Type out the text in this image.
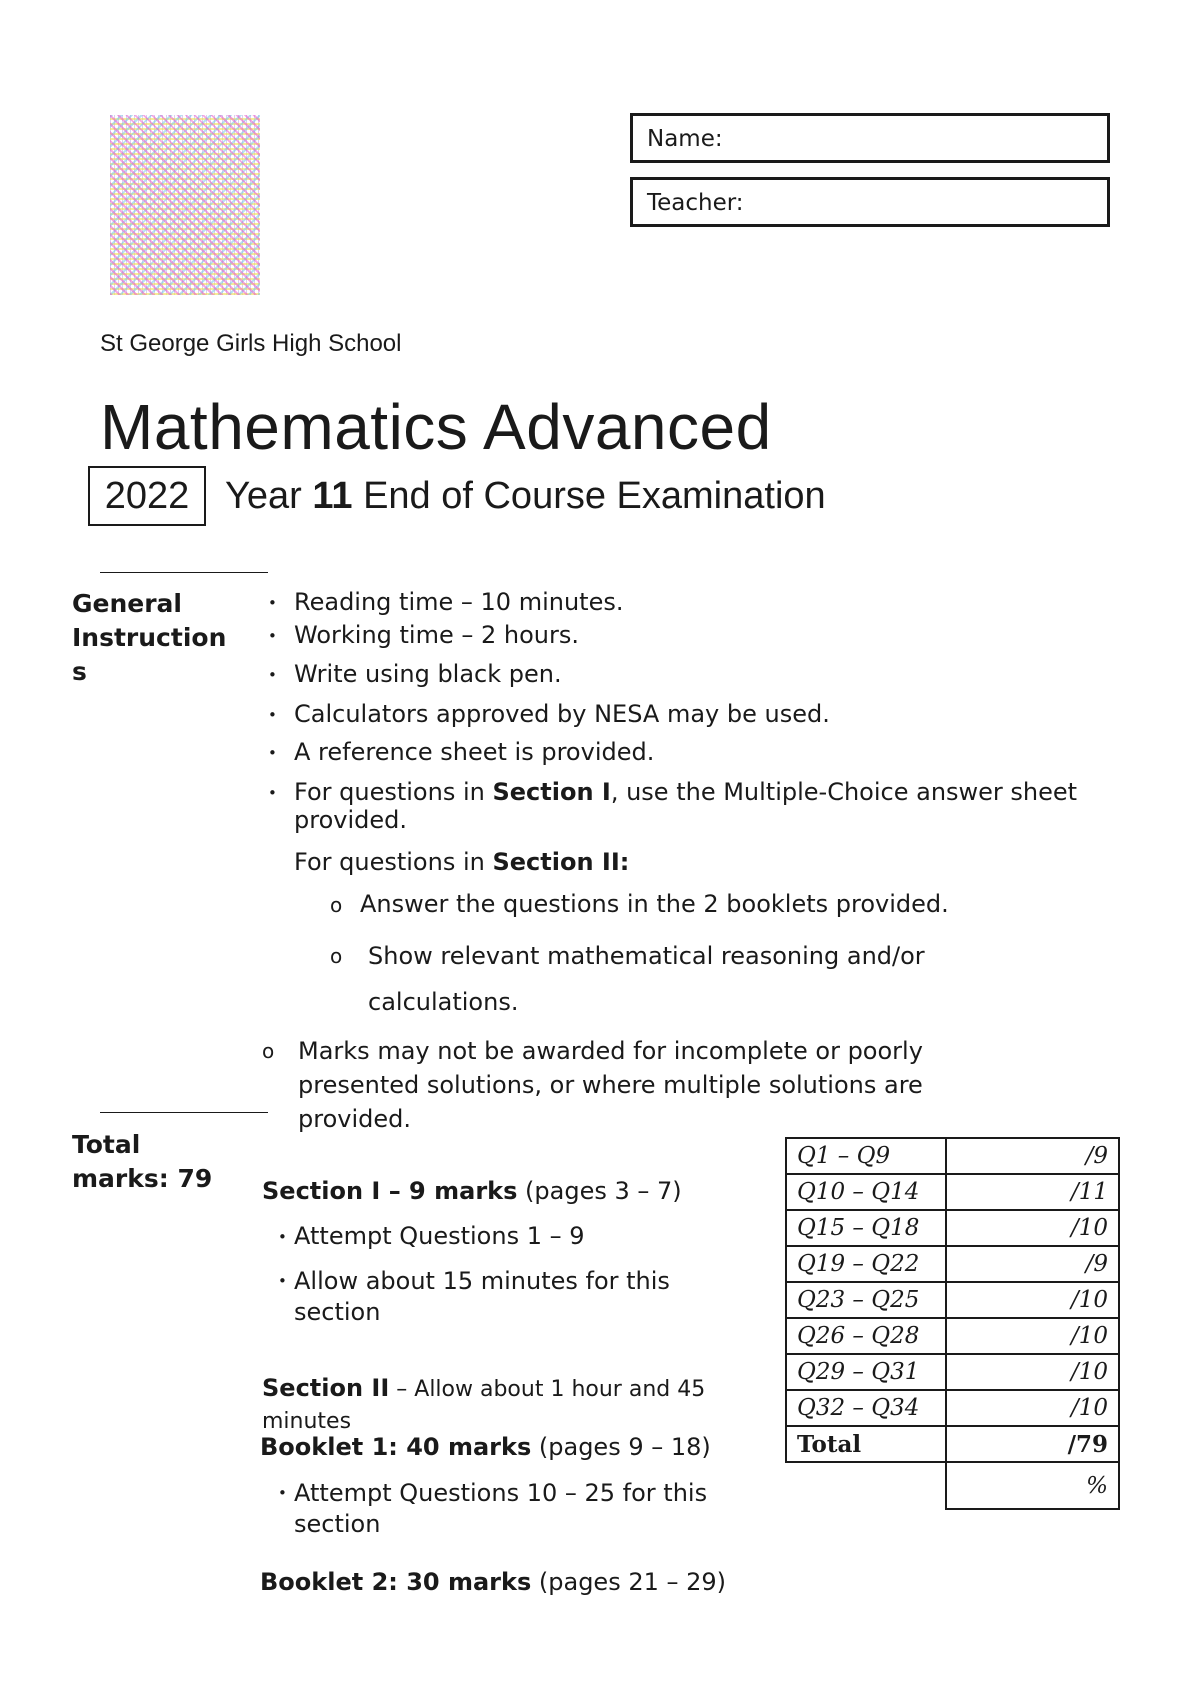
Name:
Teacher:
St George Girls High School
Mathematics Advanced
2022 Year 11 End of Course Examination
General Instruction s
• Reading time – 10 minutes.
• Working time – 2 hours.
• Write using black pen.
• Calculators approved by NESA may be used.
• A reference sheet is provided.
• For questions in Section I, use the Multiple-Choice answer sheet provided.
For questions in Section II:
o Answer the questions in the 2 booklets provided.
o	Show relevant mathematical reasoning and/or calculations.
o Marks may not be awarded for incomplete or poorly presented solutions, or where multiple solutions are provided.
Total marks: 79	Section I – 9 marks (pages 3 – 7)
• Attempt Questions 1 – 9
• Allow about 15 minutes for this section
Section II – Allow about 1 hour and 45 minutes
Booklet 1: 40 marks (pages 9 – 18)
• Attempt Questions 10 – 25 for this section
Booklet 2: 30 marks (pages 21 – 29)
Q1 – Q9	/9
Q10 – Q14	/11
Q15 – Q18	/10
Q19 – Q22	/9
Q23 – Q25	/10
Q26 – Q28	/10
Q29 – Q31	/10
Q32 – Q34	/10
Total	/79
	%
